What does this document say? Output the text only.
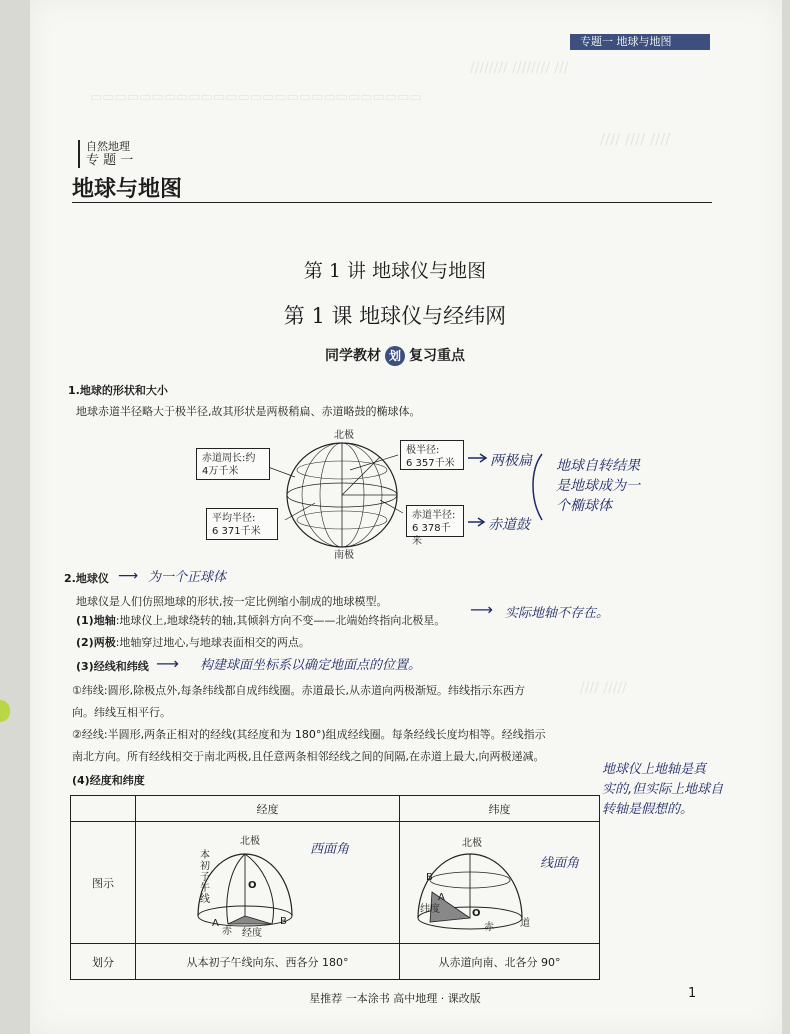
//////// //////// ///
▭▭▭▭▭▭▭▭▭▭▭▭▭▭▭▭▭▭▭▭▭▭▭▭▭▭▭
//// //// ////
//// /////
专题一 地球与地图
自然地理
专 题 一
地球与地图
第 1 讲 地球仪与地图
第 1 课 地球仪与经纬网
同学教材 划 复习重点
1.地球的形状和大小
地球赤道半径略大于极半径,故其形状是两极稍扁、赤道略鼓的椭球体。
北极
南极
赤道周长:约
4万千米
极半径:
6 357千米
平均半径:
6 371千米
赤道半径:
6 378千米
两极扁
赤道鼓
地球自转结果
是地球成为一
个椭球体
2.地球仪 ⟶ 为一个正球体
地球仪是人们仿照地球的形状,按一定比例缩小制成的地球模型。
(1)地轴:地球仪上,地球绕转的轴,其倾斜方向不变——北端始终指向北极星。
⟶ 实际地轴不存在。
(2)两极:地轴穿过地心,与地球表面相交的两点。
(3)经线和纬线 ⟶ 构建球面坐标系以确定地面点的位置。
①纬线:圆形,除极点外,每条纬线都自成纬线圈。赤道最长,从赤道向两极渐短。纬线指示东西方
向。纬线互相平行。
②经线:半圆形,两条正相对的经线(其经度和为 180°)组成经线圈。每条经线长度均相等。经线指示
南北方向。所有经线相交于南北两极,且任意两条相邻经线之间的间隔,在赤道上最大,向两极递减。
(4)经度和纬度
地球仪上地轴是真
实的,但实际上地球自
转轴是假想的。
	经度	纬度
图示		
划分	从本初子午线向东、西各分 180°	从赤道向南、北各分 90°
北极
本
初
子
午
线
O
A	B
赤 经度
西面角	北极
B
O
A
纬度
赤	道
线面角
星推荐 一本涂书 高中地理 · 课改版	1
